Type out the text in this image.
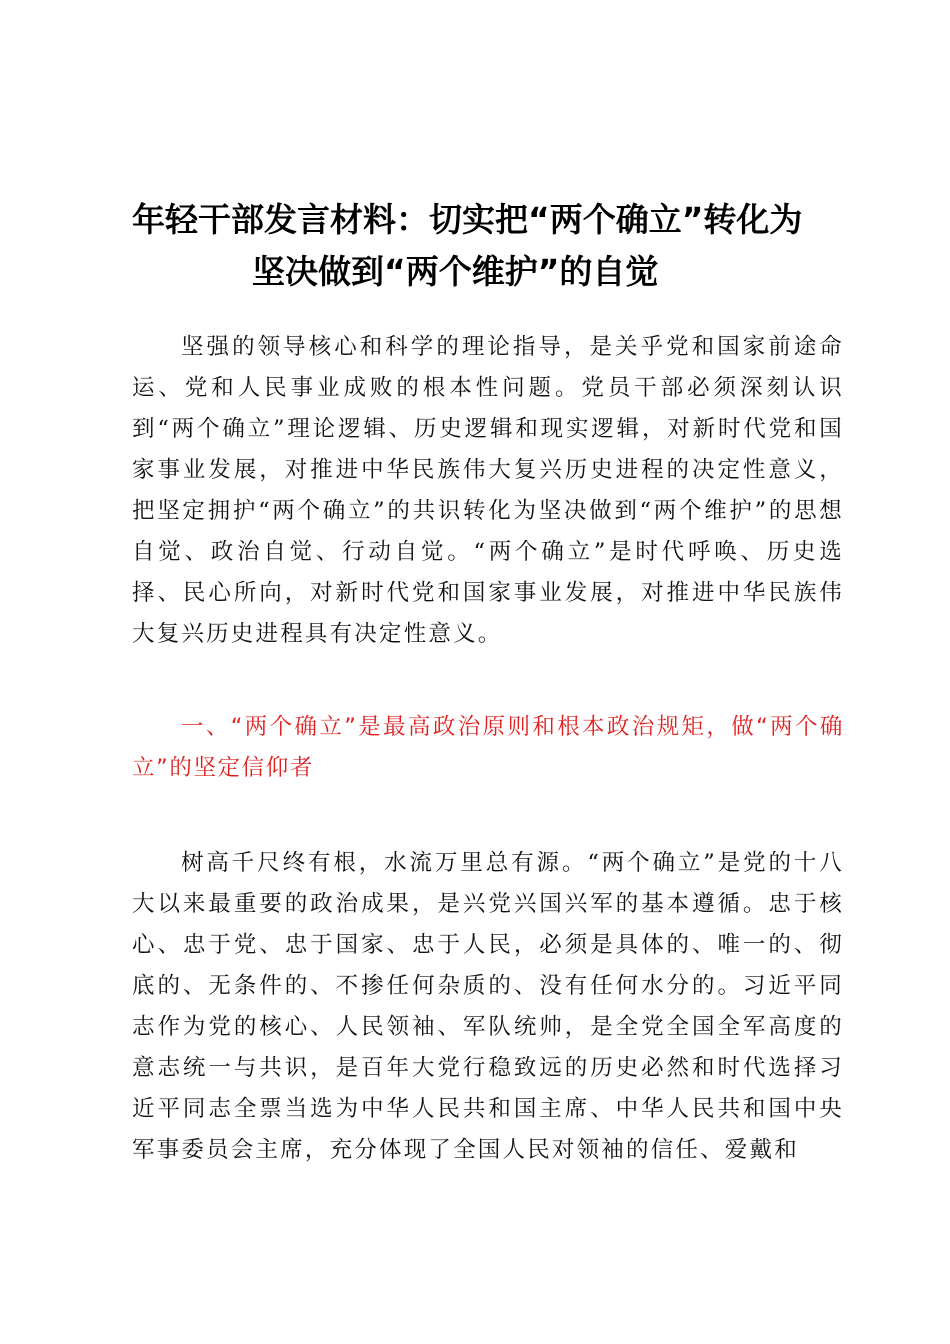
年轻干部发言材料：切实把“两个确立”转化为
坚决做到“两个维护”的自觉

坚强的领导核心和科学的理论指导，是关乎党和国家前途命运、党和人民事业成败的根本性问题。党员干部必须深刻认识到“两个确立”理论逻辑、历史逻辑和现实逻辑，对新时代党和国家事业发展，对推进中华民族伟大复兴历史进程的决定性意义，把坚定拥护“两个确立”的共识转化为坚决做到“两个维护”的思想自觉、政治自觉、行动自觉。“两个确立”是时代呼唤、历史选择、民心所向，对新时代党和国家事业发展，对推进中华民族伟大复兴历史进程具有决定性意义。

一、“两个确立”是最高政治原则和根本政治规矩，做“两个确立”的坚定信仰者

树高千尺终有根，水流万里总有源。“两个确立”是党的十八大以来最重要的政治成果，是兴党兴国兴军的基本遵循。忠于核心、忠于党、忠于国家、忠于人民，必须是具体的、唯一的、彻底的、无条件的、不掺任何杂质的、没有任何水分的。习近平同志作为党的核心、人民领袖、军队统帅，是全党全国全军高度的意志统一与共识，是百年大党行稳致远的历史必然和时代选择习近平同志全票当选为中华人民共和国主席、中华人民共和国中央军事委员会主席，充分体现了全国人民对领袖的信任、爱戴和
